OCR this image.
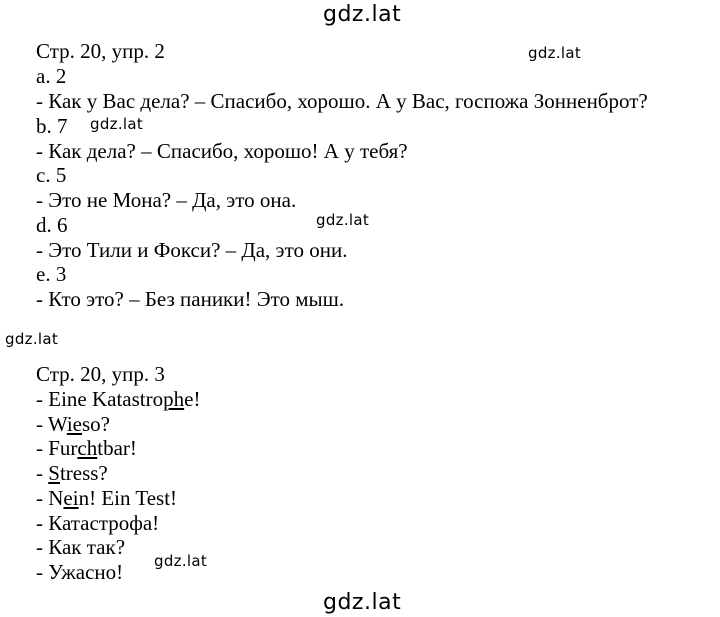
gdz.lat
gdz.lat
gdz.lat
gdz.lat
gdz.lat
gdz.lat
gdz.lat
Стр. 20, упр. 2
a. 2
- Как у Вас дела? – Спасибо, хорошо. А у Вас, госпожа Зонненброт?
b. 7
- Как дела? – Спасибо, хорошо! А у тебя?
c. 5
- Это не Мона? – Да, это она.
d. 6
- Это Тили и Фокси? – Да, это они.
e. 3
- Кто это? – Без паники! Это мыш.
Стр. 20, упр. 3
- Eine Katastrophe!
- Wieso?
- Furchtbar!
- Stress?
- Nein! Ein Test!
- Катастрофа!
- Как так?
- Ужасно!
